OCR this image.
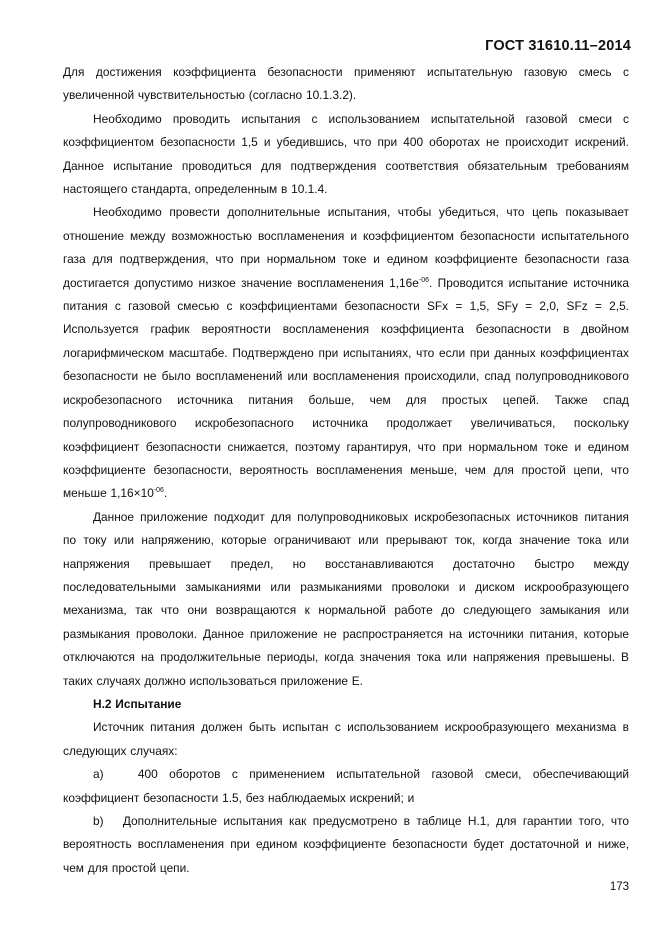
ГОСТ 31610.11–2014

Для достижения коэффициента безопасности применяют испытательную газовую смесь с увеличенной чувствительностью (согласно 10.1.3.2).

Необходимо проводить испытания с использованием испытательной газовой смеси с коэффициентом безопасности 1,5 и убедившись, что при 400 оборотах не происходит искрений. Данное испытание проводиться для подтверждения соответствия обязательным требованиям настоящего стандарта, определенным в 10.1.4.

Необходимо провести дополнительные испытания, чтобы убедиться, что цепь показывает отношение между возможностью воспламенения и коэффициентом безопасности испытательного газа для подтверждения, что при нормальном токе и едином коэффициенте безопасности газа достигается допустимо низкое значение воспламенения $1,16е^{-06}$. Проводится испытание источника питания с газовой смесью с коэффициентами безопасности SFx = 1,5, SFy = 2,0, SFz = 2,5. Используется график вероятности воспламенения коэффициента безопасности в двойном логарифмическом масштабе. Подтверждено при испытаниях, что если при данных коэффициентах безопасности не было воспламенений или воспламенения происходили, спад полупроводникового искробезопасного источника питания больше, чем для простых цепей. Также спад полупроводникового искробезопасного источника продолжает увеличиваться, поскольку коэффициент безопасности снижается, поэтому гарантируя, что при нормальном токе и едином коэффициенте безопасности, вероятность воспламенения меньше, чем для простой цепи, что меньше $1,16\times 10^{-06}$.

Данное приложение подходит для полупроводниковых искробезопасных источников питания по току или напряжению, которые ограничивают или прерывают ток, когда значение тока или напряжения превышает предел, но восстанавливаются достаточно быстро между последовательными замыканиями или размыканиями проволоки и диском искрообразующего механизма, так что они возвращаются к нормальной работе до следующего замыкания или размыкания проволоки. Данное приложение не распространяется на источники питания, которые отключаются на продолжительные периоды, когда значения тока или напряжения превышены. В таких случаях должно использоваться приложение Е.

Н.2 Испытание

Источник питания должен быть испытан с использованием искрообразующего механизма в следующих случаях:

a)   400 оборотов с применением испытательной газовой смеси, обеспечивающий коэффициент безопасности 1.5, без наблюдаемых искрений; и

b)   Дополнительные испытания как предусмотрено в таблице Н.1, для гарантии того, что вероятность воспламенения при едином коэффициенте безопасности будет достаточной и ниже, чем для простой цепи.

173
